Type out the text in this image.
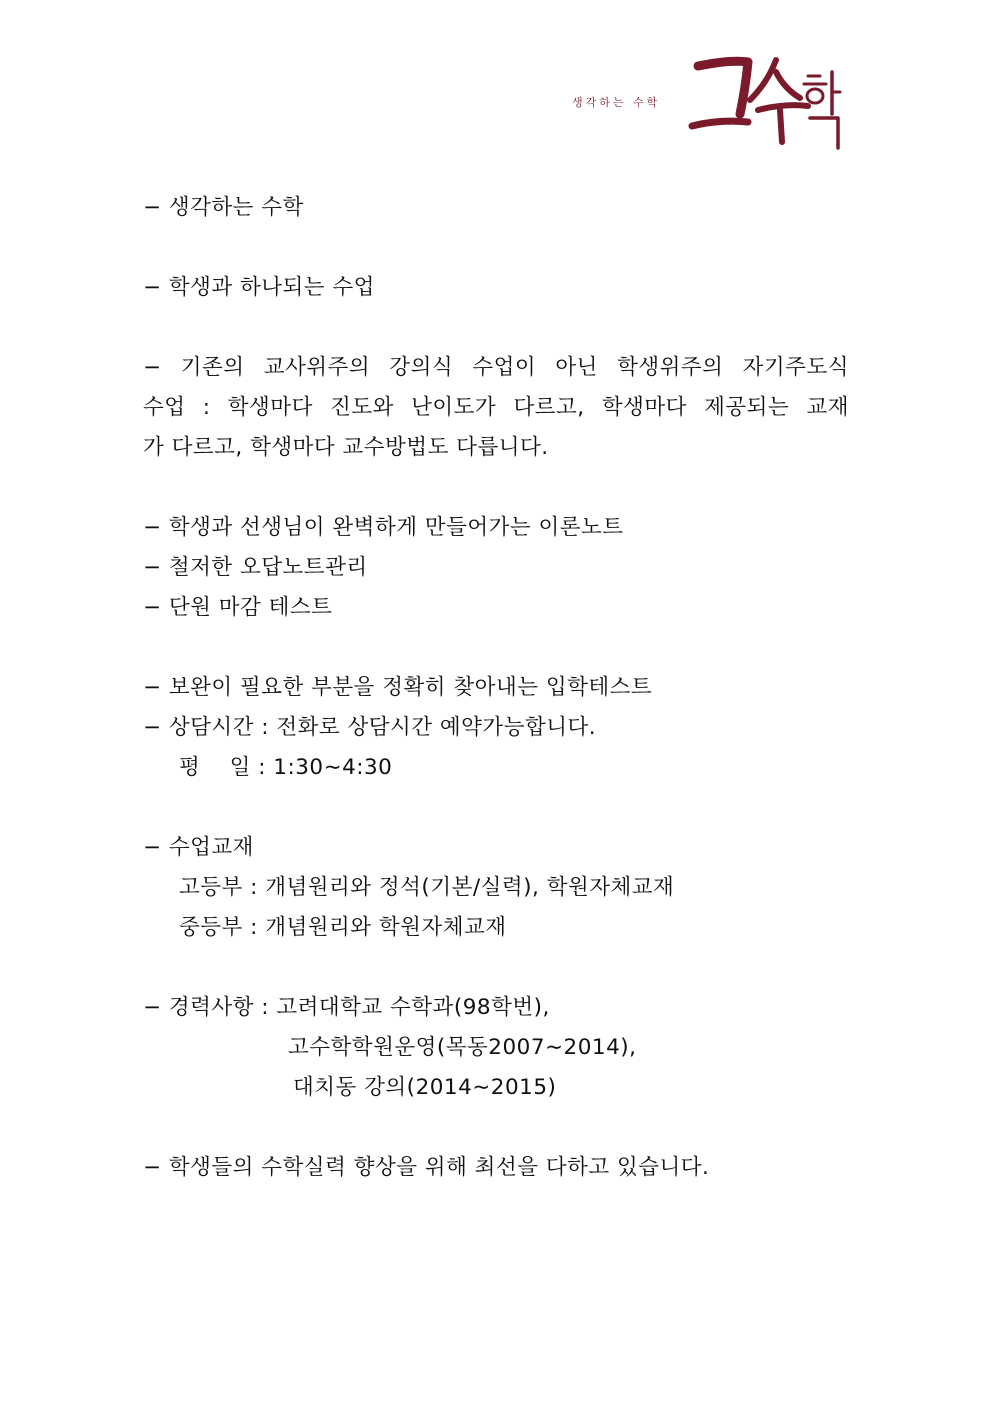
생각하는 수학
− 생각하는 수학
− 학생과 하나되는 수업
− 기존의 교사위주의 강의식 수업이 아닌 학생위주의 자기주도식
수업 : 학생마다 진도와 난이도가 다르고, 학생마다 제공되는 교재
가 다르고, 학생마다 교수방법도 다릅니다.
− 학생과 선생님이 완벽하게 만들어가는 이론노트
− 철저한 오답노트관리
− 단원 마감 테스트
− 보완이 필요한 부분을 정확히 찾아내는 입학테스트
− 상담시간 : 전화로 상담시간 예약가능합니다.
평    일 : 1:30∼4:30
− 수업교재
고등부 : 개념원리와 정석(기본/실력), 학원자체교재
중등부 : 개념원리와 학원자체교재
− 경력사항 : 고려대학교 수학과(98학번),
고수학학원운영(목동2007∼2014),
대치동 강의(2014∼2015)
− 학생들의 수학실력 향상을 위해 최선을 다하고 있습니다.
